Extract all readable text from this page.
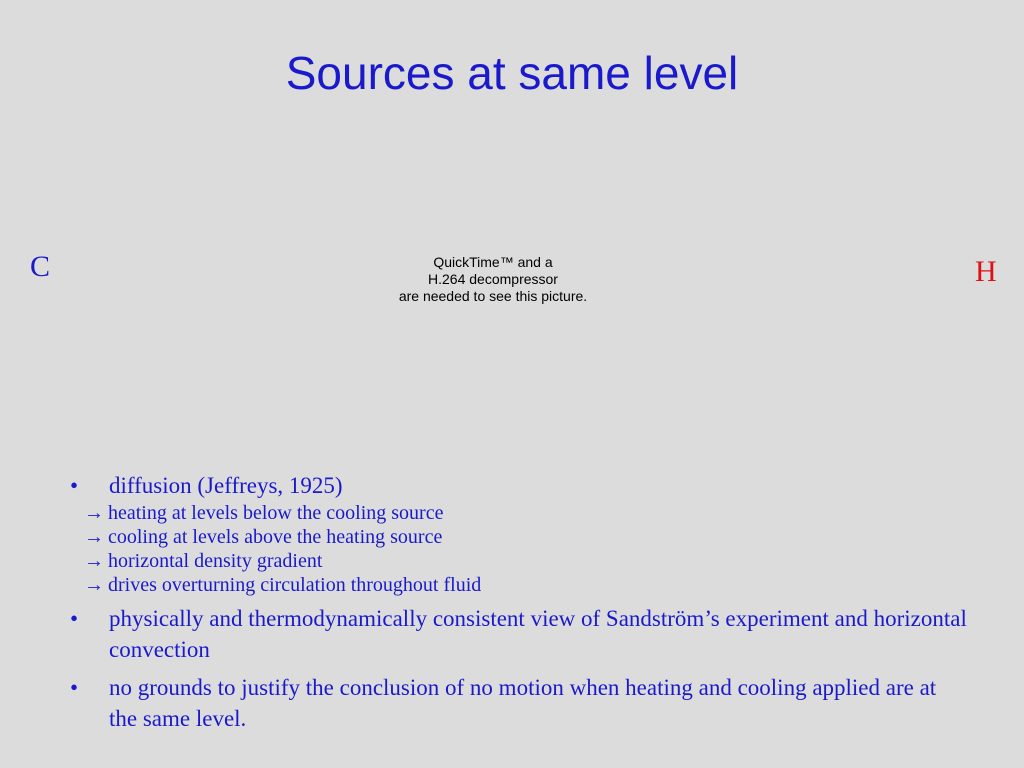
Sources at same level
C	H
QuickTime™ and a
H.264 decompressor
are needed to see this picture.
• diffusion (Jeffreys, 1925)
→ heating at levels below the cooling source
→ cooling at levels above the heating source
→ horizontal density gradient
→ drives overturning circulation throughout fluid
• physically and thermodynamically consistent view of Sandström’s experiment and horizontal convection
• no grounds to justify the conclusion of no motion when heating and cooling applied are at the same level.
